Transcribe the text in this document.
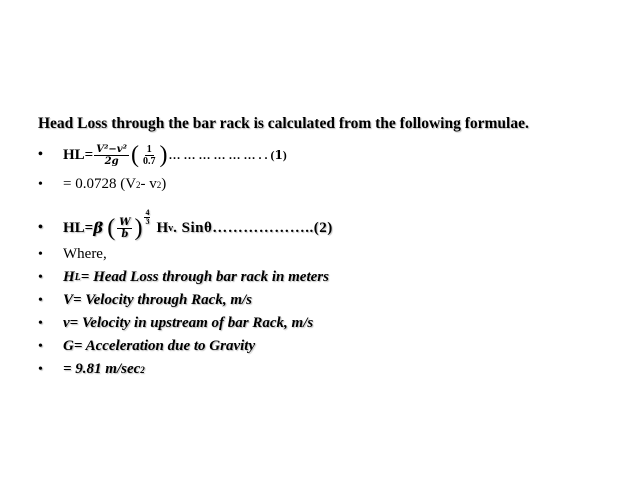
Head Loss through the bar rack is calculated from the following formulae.
•	$HL= \frac{\text{V²−v²}}{2g}$ ( $\frac{1}{0.7}$ ) … … … … … … . . (𝟏)
•	= 0.0728 (V 2 - v 2 )
•	HL= β ( $\frac{W}{b}$ ) $\frac{4}{3}$
H v . Sinθ………………..(2)
•	Where,
•	H L = Head Loss through bar rack in meters
•	V= Velocity through Rack, m/s
•	v= Velocity in upstream of bar Rack, m/s
•	G= Acceleration due to Gravity
•	= 9.81 m/sec 2
